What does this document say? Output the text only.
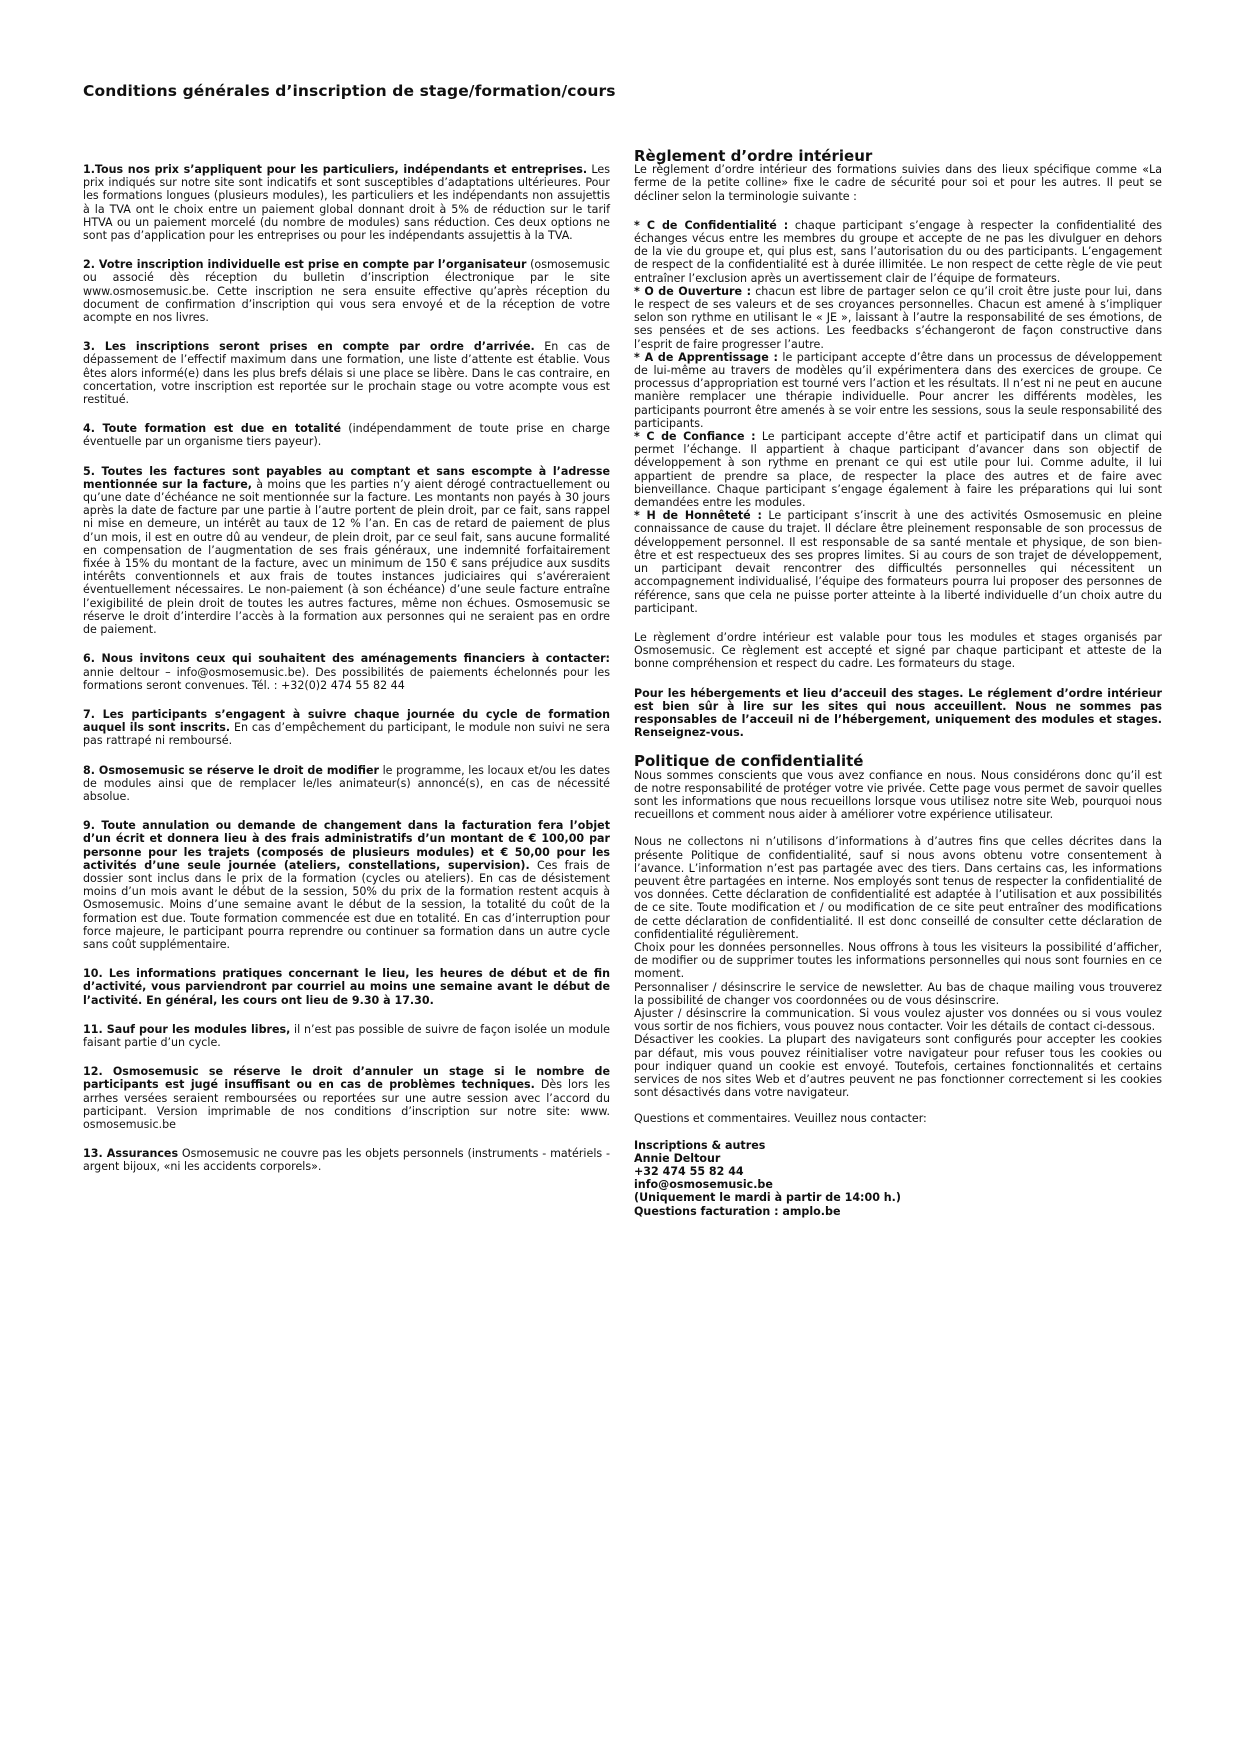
Conditions générales d’inscription de stage/formation/cours

1.Tous nos prix s’appliquent pour les particuliers, indépendants et entreprises. Les prix indiqués sur notre site sont indicatifs et sont susceptibles d’adaptations ultérieures. Pour les formations longues (plusieurs modules), les particuliers et les indépendants non assujettis à la TVA ont le choix entre un paiement global donnant droit à 5% de réduction sur le tarif HTVA ou un paiement morcelé (du nombre de modules) sans réduction. Ces deux options ne sont pas d’application pour les entreprises ou pour les indépendants assujettis à la TVA.

2. Votre inscription individuelle est prise en compte par l’organisateur (osmosemusic ou associé dès réception du bulletin d’inscription électronique par le site www.osmosemusic.be. Cette inscription ne sera ensuite effective qu’après réception du document de confirmation d’inscription qui vous sera envoyé et de la réception de votre acompte en nos livres.

3. Les inscriptions seront prises en compte par ordre d’arrivée. En cas de dépassement de l’effectif maximum dans une formation, une liste d’attente est établie. Vous êtes alors informé(e) dans les plus brefs délais si une place se libère. Dans le cas contraire, en concertation, votre inscription est reportée sur le prochain stage ou votre acompte vous est restitué.

4. Toute formation est due en totalité (indépendamment de toute prise en charge éventuelle par un organisme tiers payeur).

5. Toutes les factures sont payables au comptant et sans escompte à l’adresse mentionnée sur la facture, à moins que les parties n’y aient dérogé contractuellement ou qu’une date d’échéance ne soit mentionnée sur la facture. Les montants non payés à 30 jours après la date de facture par une partie à l’autre portent de plein droit, par ce fait, sans rappel ni mise en demeure, un intérêt au taux de 12 % l’an. En cas de retard de paiement de plus d’un mois, il est en outre dû au vendeur, de plein droit, par ce seul fait, sans aucune formalité en compensation de l’augmentation de ses frais généraux, une indemnité forfaitairement fixée à 15% du montant de la facture, avec un minimum de 150 € sans préjudice aux susdits intérêts conventionnels et aux frais de toutes instances judiciaires qui s’avéreraient éventuellement nécessaires. Le non-paiement (à son échéance) d’une seule facture entraîne l’exigibilité de plein droit de toutes les autres factures, même non échues. Osmosemusic se réserve le droit d’interdire l’accès à la formation aux personnes qui ne seraient pas en ordre de paiement.

6. Nous invitons ceux qui souhaitent des aménagements financiers à contacter: annie deltour – info@osmosemusic.be). Des possibilités de paiements échelonnés pour les formations seront convenues. Tél. : +32(0)2 474 55 82 44

7. Les participants s’engagent à suivre chaque journée du cycle de formation auquel ils sont inscrits. En cas d’empêchement du participant, le module non suivi ne sera pas rattrapé ni remboursé.

8. Osmosemusic se réserve le droit de modifier le programme, les locaux et/ou les dates de modules ainsi que de remplacer le/les animateur(s) annoncé(s), en cas de nécessité absolue.

9. Toute annulation ou demande de changement dans la facturation fera l’objet d’un écrit et donnera lieu à des frais administratifs d’un montant de € 100,00 par personne pour les trajets (composés de plusieurs modules) et € 50,00 pour les activités d’une seule journée (ateliers, constellations, supervision). Ces frais de dossier sont inclus dans le prix de la formation (cycles ou ateliers). En cas de désistement moins d’un mois avant le début de la session, 50% du prix de la formation restent acquis à Osmosemusic. Moins d’une semaine avant le début de la session, la totalité du coût de la formation est due. Toute formation commencée est due en totalité. En cas d’interruption pour force majeure, le participant pourra reprendre ou continuer sa formation dans un autre cycle sans coût supplémentaire.

10. Les informations pratiques concernant le lieu, les heures de début et de fin d’activité, vous parviendront par courriel au moins une semaine avant le début de l’activité. En général, les cours ont lieu de 9.30 à 17.30.

11. Sauf pour les modules libres, il n’est pas possible de suivre de façon isolée un module faisant partie d’un cycle.

12. Osmosemusic se réserve le droit d’annuler un stage si le nombre de participants est jugé insuffisant ou en cas de problèmes techniques. Dès lors les arrhes versées seraient remboursées ou reportées sur une autre session avec l’accord du participant. Version imprimable de nos conditions d’inscription sur notre site: www. osmosemusic.be

13. Assurances Osmosemusic ne couvre pas les objets personnels (instruments - matériels - argent bijoux, «ni les accidents corporels».

Règlement d’ordre intérieur

Le règlement d’ordre intérieur des formations suivies dans des lieux spécifique comme «La ferme de la petite colline» fixe le cadre de sécurité pour soi et pour les autres. Il peut se décliner selon la terminologie suivante :

* C de Confidentialité : chaque participant s’engage à respecter la confidentialité des échanges vécus entre les membres du groupe et accepte de ne pas les divulguer en dehors de la vie du groupe et, qui plus est, sans l’autorisation du ou des participants. L’engagement de respect de la confidentialité est à durée illimitée. Le non respect de cette règle de vie peut entraîner l’exclusion après un avertissement clair de l’équipe de formateurs.
* O de Ouverture : chacun est libre de partager selon ce qu’il croit être juste pour lui, dans le respect de ses valeurs et de ses croyances personnelles. Chacun est amené à s’impliquer selon son rythme en utilisant le « JE », laissant à l’autre la responsabilité de ses émotions, de ses pensées et de ses actions. Les feedbacks s’échangeront de façon constructive dans l’esprit de faire progresser l’autre.
* A de Apprentissage : le participant accepte d’être dans un processus de développement de lui-même au travers de modèles qu’il expérimentera dans des exercices de groupe. Ce processus d’appropriation est tourné vers l’action et les résultats. Il n’est ni ne peut en aucune manière remplacer une thérapie individuelle. Pour ancrer les différents modèles, les participants pourront être amenés à se voir entre les sessions, sous la seule responsabilité des participants.
* C de Confiance : Le participant accepte d’être actif et participatif dans un climat qui permet l’échange. Il appartient à chaque participant d’avancer dans son objectif de développement à son rythme en prenant ce qui est utile pour lui. Comme adulte, il lui appartient de prendre sa place, de respecter la place des autres et de faire avec bienveillance. Chaque participant s’engage également à faire les préparations qui lui sont demandées entre les modules.
* H de Honnêteté : Le participant s’inscrit à une des activités Osmosemusic en pleine connaissance de cause du trajet. Il déclare être pleinement responsable de son processus de développement personnel. Il est responsable de sa santé mentale et physique, de son bien-être et est respectueux des ses propres limites. Si au cours de son trajet de développement, un participant devait rencontrer des difficultés personnelles qui nécessitent un accompagnement individualisé, l’équipe des formateurs pourra lui proposer des personnes de référence, sans que cela ne puisse porter atteinte à la liberté individuelle d’un choix autre du participant.

Le règlement d’ordre intérieur est valable pour tous les modules et stages organisés par Osmosemusic. Ce règlement est accepté et signé par chaque participant et atteste de la bonne compréhension et respect du cadre. Les formateurs du stage.

Pour les hébergements et lieu d’acceuil des stages. Le réglement d’ordre intérieur est bien sûr à lire sur les sites qui nous acceuillent. Nous ne sommes pas responsables de l’acceuil ni de l’hébergement, uniquement des modules et stages. Renseignez-vous.

Politique de confidentialité

Nous sommes conscients que vous avez confiance en nous. Nous considérons donc qu’il est de notre responsabilité de protéger votre vie privée. Cette page vous permet de savoir quelles sont les informations que nous recueillons lorsque vous utilisez notre site Web, pourquoi nous recueillons et comment nous aider à améliorer votre expérience utilisateur.

Nous ne collectons ni n’utilisons d’informations à d’autres fins que celles décrites dans la présente Politique de confidentialité, sauf si nous avons obtenu votre consentement à l’avance. L’information n’est pas partagée avec des tiers. Dans certains cas, les informations peuvent être partagées en interne. Nos employés sont tenus de respecter la confidentialité de vos données. Cette déclaration de confidentialité est adaptée à l’utilisation et aux possibilités de ce site. Toute modification et / ou modification de ce site peut entraîner des modifications de cette déclaration de confidentialité. Il est donc conseillé de consulter cette déclaration de confidentialité régulièrement.

Choix pour les données personnelles. Nous offrons à tous les visiteurs la possibilité d’afficher, de modifier ou de supprimer toutes les informations personnelles qui nous sont fournies en ce moment.

Personnaliser / désinscrire le service de newsletter. Au bas de chaque mailing vous trouverez la possibilité de changer vos coordonnées ou de vous désinscrire.

Ajuster / désinscrire la communication. Si vous voulez ajuster vos données ou si vous voulez vous sortir de nos fichiers, vous pouvez nous contacter. Voir les détails de contact ci-dessous.

Désactiver les cookies. La plupart des navigateurs sont configurés pour accepter les cookies par défaut, mis vous pouvez réinitialiser votre navigateur pour refuser tous les cookies ou pour indiquer quand un cookie est envoyé. Toutefois, certaines fonctionnalités et certains services de nos sites Web et d’autres peuvent ne pas fonctionner correctement si les cookies sont désactivés dans votre navigateur.

Questions et commentaires. Veuillez nous contacter:

Inscriptions & autres
Annie Deltour
+32 474 55 82 44
info@osmosemusic.be
(Uniquement le mardi à partir de 14:00 h.)
Questions facturation : amplo.be
